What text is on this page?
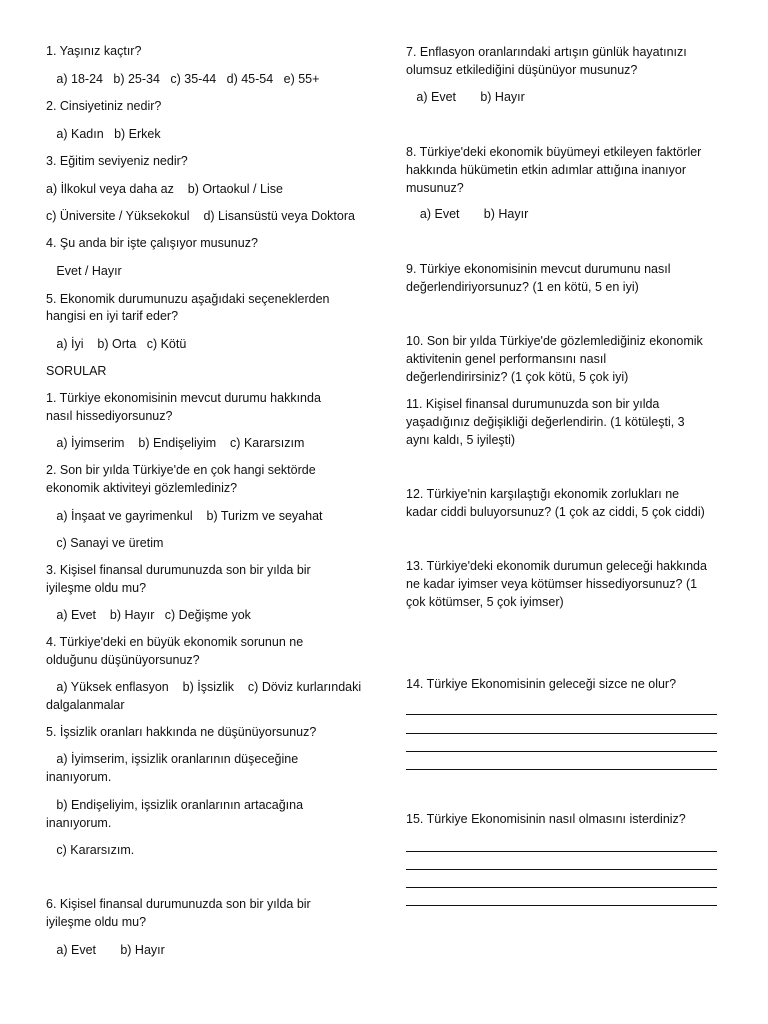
1. Yaşınız kaçtır?
a) 18-24   b) 25-34   c) 35-44   d) 45-54   e) 55+
2. Cinsiyetiniz nedir?
a) Kadın   b) Erkek
3. Eğitim seviyeniz nedir?
a) İlkokul veya daha az    b) Ortaokul / Lise
c) Üniversite / Yüksekokul    d) Lisansüstü veya Doktora
4. Şu anda bir işte çalışıyor musunuz?
Evet / Hayır
5. Ekonomik durumunuzu aşağıdaki seçeneklerden
hangisi en iyi tarif eder?
a) İyi    b) Orta   c) Kötü
SORULAR
1. Türkiye ekonomisinin mevcut durumu hakkında
nasıl hissediyorsunuz?
a) İyimserim    b) Endişeliyim    c) Kararsızım
2. Son bir yılda Türkiye'de en çok hangi sektörde
ekonomik aktiviteyi gözlemlediniz?
a) İnşaat ve gayrimenkul    b) Turizm ve seyahat
c) Sanayi ve üretim
3. Kişisel finansal durumunuzda son bir yılda bir
iyileşme oldu mu?
a) Evet    b) Hayır   c) Değişme yok
4. Türkiye'deki en büyük ekonomik sorunun ne
olduğunu düşünüyorsunuz?
a) Yüksek enflasyon    b) İşsizlik    c) Döviz kurlarındaki
dalgalanmalar
5. İşsizlik oranları hakkında ne düşünüyorsunuz?
a) İyimserim, işsizlik oranlarının düşeceğine
inanıyorum.
b) Endişeliyim, işsizlik oranlarının artacağına
inanıyorum.
c) Kararsızım.
6. Kişisel finansal durumunuzda son bir yılda bir
iyileşme oldu mu?
a) Evet       b) Hayır
7. Enflasyon oranlarındaki artışın günlük hayatınızı
olumsuz etkilediğini düşünüyor musunuz?
a) Evet       b) Hayır
8. Türkiye'deki ekonomik büyümeyi etkileyen faktörler
hakkında hükümetin etkin adımlar attığına inanıyor
musunuz?
a) Evet       b) Hayır
9. Türkiye ekonomisinin mevcut durumunu nasıl
değerlendiriyorsunuz? (1 en kötü, 5 en iyi)
10. Son bir yılda Türkiye'de gözlemlediğiniz ekonomik
aktivitenin genel performansını nasıl
değerlendirirsiniz? (1 çok kötü, 5 çok iyi)
11. Kişisel finansal durumunuzda son bir yılda
yaşadığınız değişikliği değerlendirin. (1 kötüleşti, 3
aynı kaldı, 5 iyileşti)
12. Türkiye'nin karşılaştığı ekonomik zorlukları ne
kadar ciddi buluyorsunuz? (1 çok az ciddi, 5 çok ciddi)
13. Türkiye'deki ekonomik durumun geleceği hakkında
ne kadar iyimser veya kötümser hissediyorsunuz? (1
çok kötümser, 5 çok iyimser)
14. Türkiye Ekonomisinin geleceği sizce ne olur?
15. Türkiye Ekonomisinin nasıl olmasını isterdiniz?
